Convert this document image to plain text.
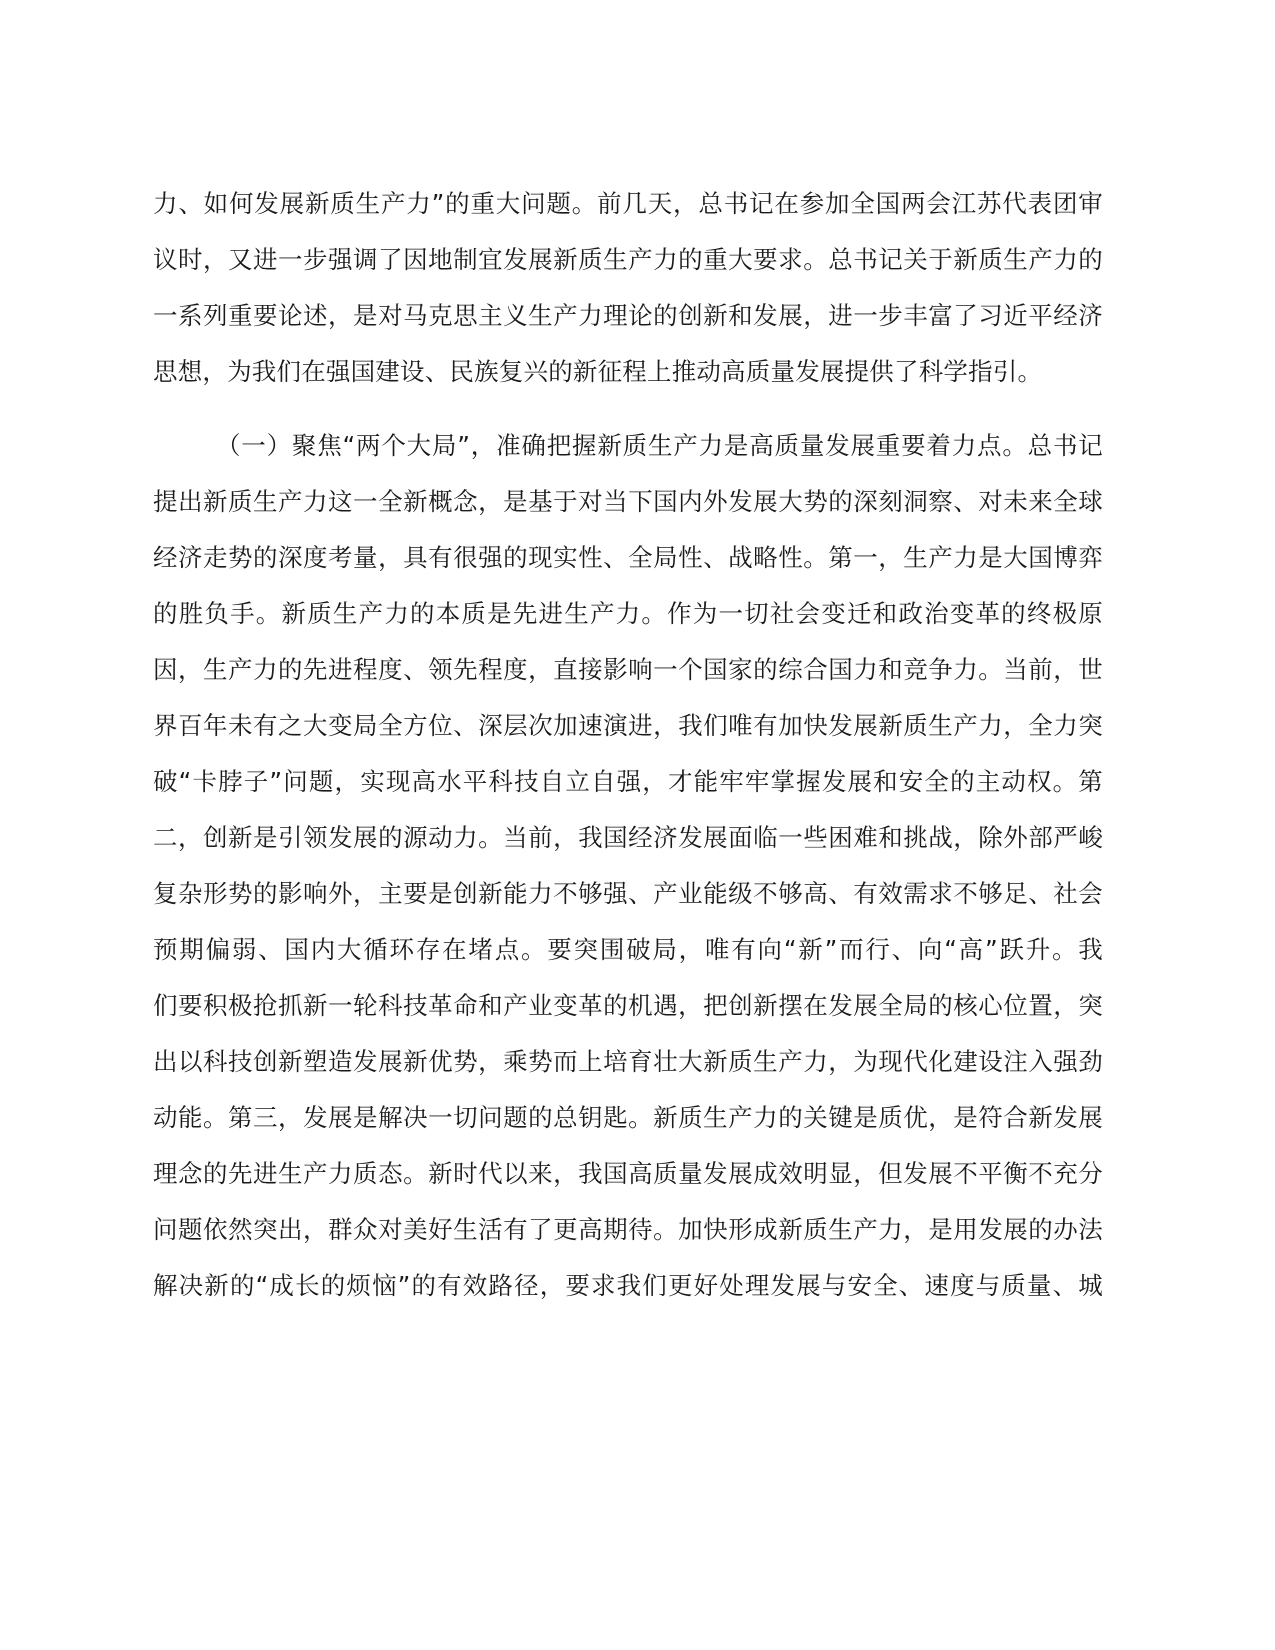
力、如何发展新质生产力”的重大问题。前几天，总书记在参加全国两会江苏代表团审
议时，又进一步强调了因地制宜发展新质生产力的重大要求。总书记关于新质生产力的
一系列重要论述，是对马克思主义生产力理论的创新和发展，进一步丰富了习近平经济
思想，为我们在强国建设、民族复兴的新征程上推动高质量发展提供了科学指引。
（一）聚焦“两个大局”，准确把握新质生产力是高质量发展重要着力点。总书记
提出新质生产力这一全新概念，是基于对当下国内外发展大势的深刻洞察、对未来全球
经济走势的深度考量，具有很强的现实性、全局性、战略性。第一，生产力是大国博弈
的胜负手。新质生产力的本质是先进生产力。作为一切社会变迁和政治变革的终极原
因，生产力的先进程度、领先程度，直接影响一个国家的综合国力和竞争力。当前，世
界百年未有之大变局全方位、深层次加速演进，我们唯有加快发展新质生产力，全力突
破“卡脖子”问题，实现高水平科技自立自强，才能牢牢掌握发展和安全的主动权。第
二，创新是引领发展的源动力。当前，我国经济发展面临一些困难和挑战，除外部严峻
复杂形势的影响外，主要是创新能力不够强、产业能级不够高、有效需求不够足、社会
预期偏弱、国内大循环存在堵点。要突围破局，唯有向“新”而行、向“高”跃升。我
们要积极抢抓新一轮科技革命和产业变革的机遇，把创新摆在发展全局的核心位置，突
出以科技创新塑造发展新优势，乘势而上培育壮大新质生产力，为现代化建设注入强劲
动能。第三，发展是解决一切问题的总钥匙。新质生产力的关键是质优，是符合新发展
理念的先进生产力质态。新时代以来，我国高质量发展成效明显，但发展不平衡不充分
问题依然突出，群众对美好生活有了更高期待。加快形成新质生产力，是用发展的办法
解决新的“成长的烦恼”的有效路径，要求我们更好处理发展与安全、速度与质量、城
